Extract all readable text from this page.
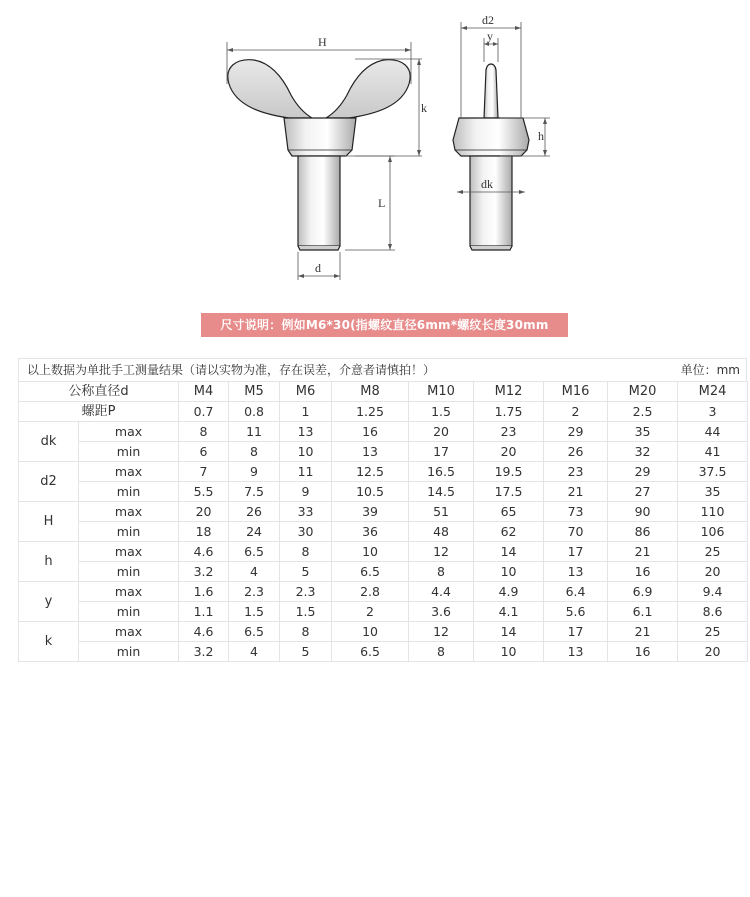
H
k
L
d
d2
y
h
dk
尺寸说明：例如M6*30(指螺纹直径6mm*螺纹长度30mm
以上数据为单批手工测量结果（请以实物为准，存在误差，介意者请慎拍！）	单位：mm
公称直径d		M4	M5	M6	M8	M10	M12	M16	M20	M24
螺距P		0.7	0.8	1	1.25	1.5	1.75	2	2.5	3
dk	max	8	11	13	16	20	23	29	35	44
	min	6	8	10	13	17	20	26	32	41
d2	max	7	9	11	12.5	16.5	19.5	23	29	37.5
	min	5.5	7.5	9	10.5	14.5	17.5	21	27	35
H	max	20	26	33	39	51	65	73	90	110
	min	18	24	30	36	48	62	70	86	106
h	max	4.6	6.5	8	10	12	14	17	21	25
	min	3.2	4	5	6.5	8	10	13	16	20
y	max	1.6	2.3	2.3	2.8	4.4	4.9	6.4	6.9	9.4
	min	1.1	1.5	1.5	2	3.6	4.1	5.6	6.1	8.6
k	max	4.6	6.5	8	10	12	14	17	21	25
	min	3.2	4	5	6.5	8	10	13	16	20
